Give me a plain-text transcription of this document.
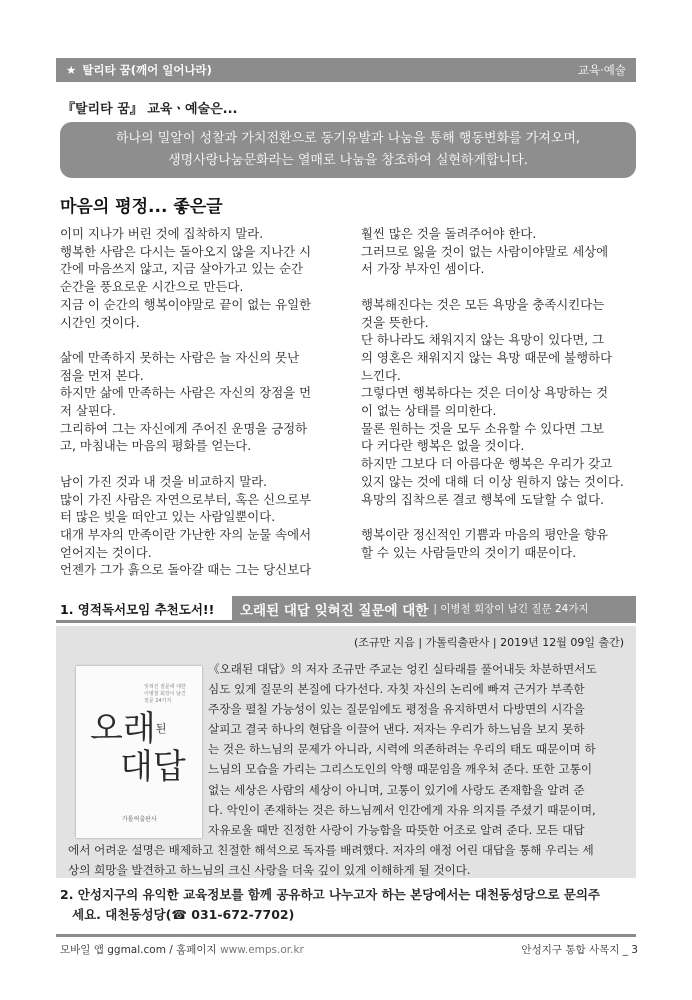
★ 탈리타 꿈(깨어 일어나라)	교육·예술
『탈리타 꿈』 교육ㆍ예술은...
하나의 밀알이 성찰과 가치전환으로 동기유발과 나눔을 통해 행동변화를 가져오며,
생명사랑나눔문화라는 열매로 나눔을 창조하여 실현하게합니다.
마음의 평정... 좋은글
이미 지나가 버린 것에 집착하지 말라.
행복한 사람은 다시는 돌아오지 않을 지나간 시
간에 마음쓰지 않고, 지금 살아가고 있는 순간
순간을 풍요로운 시간으로 만든다.
지금 이 순간의 행복이야말로 끝이 없는 유일한
시간인 것이다.
삶에 만족하지 못하는 사람은 늘 자신의 못난
점을 먼저 본다.
하지만 삶에 만족하는 사람은 자신의 장점을 먼
저 살핀다.
그리하여 그는 자신에게 주어진 운명을 긍정하
고, 마침내는 마음의 평화를 얻는다.
남이 가진 것과 내 것을 비교하지 말라.
많이 가진 사람은 자연으로부터, 혹은 신으로부
터 많은 빚을 떠안고 있는 사람일뿐이다.
대개 부자의 만족이란 가난한 자의 눈물 속에서
얻어지는 것이다.
언젠가 그가 흙으로 돌아갈 때는 그는 당신보다
훨씬 많은 것을 돌려주어야 한다.
그러므로 잃을 것이 없는 사람이야말로 세상에
서 가장 부자인 셈이다.
행복해진다는 것은 모든 욕망을 충족시킨다는
것을 뜻한다.
단 하나라도 채워지지 않는 욕망이 있다면, 그
의 영혼은 채워지지 않는 욕망 때문에 불행하다
느낀다.
그렇다면 행복하다는 것은 더이상 욕망하는 것
이 없는 상태를 의미한다.
물론 원하는 것을 모두 소유할 수 있다면 그보
다 커다란 행복은 없을 것이다.
하지만 그보다 더 아름다운 행복은 우리가 갖고
있지 않는 것에 대해 더 이상 원하지 않는 것이다.
욕망의 집착으론 결코 행복에 도달할 수 없다.
행복이란 정신적인 기쁨과 마음의 평안을 향유
할 수 있는 사람들만의 것이기 때문이다.
1. 영적독서모임 추천도서!!	오래된 대답 잊혀진 질문에 대한 | 이병철 회장이 남긴 질문 24가지
(조규만 지음 | 가톨릭출판사 | 2019년 12월 09일 출간)
잊혀진 질문에 대한 이병철 회장이 남긴 질문 24가지
오래$^된$
대답
가톨릭출판사
《오래된 대답》의 저자 조규만 주교는 엉킨 실타래를 풀어내듯 차분하면서도
심도 있게 질문의 본질에 다가선다. 자칫 자신의 논리에 빠져 근거가 부족한
주장을 펼칠 가능성이 있는 질문임에도 평정을 유지하면서 다방면의 시각을
살피고 결국 하나의 현답을 이끌어 낸다. 저자는 우리가 하느님을 보지 못하
는 것은 하느님의 문제가 아니라, 시력에 의존하려는 우리의 태도 때문이며 하
느님의 모습을 가리는 그리스도인의 악행 때문임을 깨우쳐 준다. 또한 고통이
없는 세상은 사람의 세상이 아니며, 고통이 있기에 사랑도 존재함을 알려 준
다. 악인이 존재하는 것은 하느님께서 인간에게 자유 의지를 주셨기 때문이며,
자유로울 때만 진정한 사랑이 가능함을 따뜻한 어조로 알려 준다. 모든 대답
에서 어려운 설명은 배제하고 친절한 해석으로 독자를 배려했다. 저자의 애정 어린 대답을 통해 우리는 세
상의 희망을 발견하고 하느님의 크신 사랑을 더욱 깊이 있게 이해하게 될 것이다.
2. 안성지구의 유익한 교육정보를 함께 공유하고 나누고자 하는 본당에서는 대천동성당으로 문의주
세요. 대천동성당(☎ 031-672-7702)
모바일 앱 ggmal.com / 홈페이지 www.emps.or.kr	안성지구 통합 사목지 _ 3
